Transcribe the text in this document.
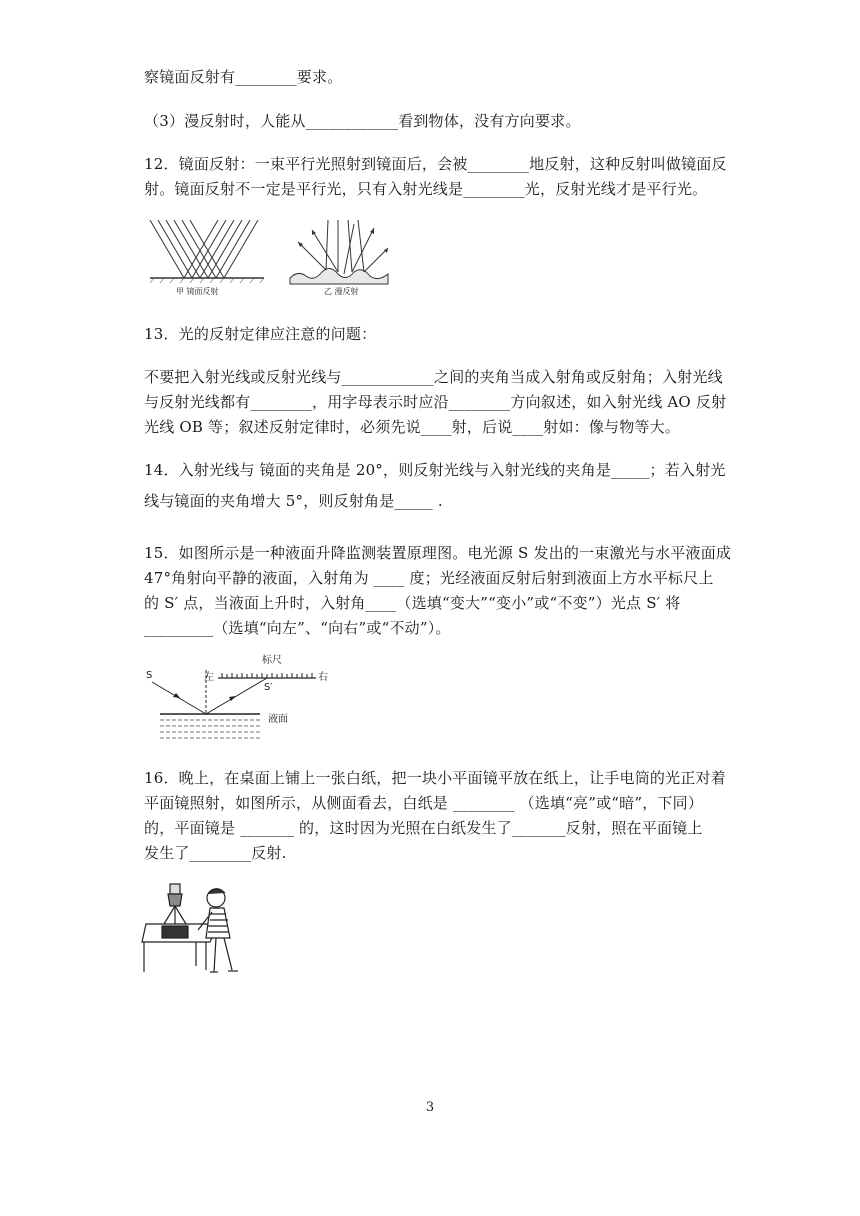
察镜面反射有________要求。
（3）漫反射时，人能从____________看到物体，没有方向要求。
12．镜面反射：一束平行光照射到镜面后，会被________地反射，这种反射叫做镜面反
射。镜面反射不一定是平行光，只有入射光线是________光，反射光线才是平行光。
甲 镜面反射	乙 漫反射
13．光的反射定律应注意的问题：
不要把入射光线或反射光线与____________之间的夹角当成入射角或反射角；入射光线
与反射光线都有________，用字母表示时应沿________方向叙述，如入射光线 AO 反射
光线 OB 等；叙述反射定律时，必须先说____射，后说____射如：像与物等大。
14．入射光线与 镜面的夹角是 20°，则反射光线与入射光线的夹角是_____；若入射光
线与镜面的夹角增大 5°，则反射角是_____ .
15．如图所示是一种液面升降监测装置原理图。电光源 S 发出的一束激光与水平液面成
47°角射向平静的液面，入射角为 ____ 度；光经液面反射后射到液面上方水平标尺上
的 S′ 点，当液面上升时，入射角____（选填“变大”“变小”或“不变”）光点 S′ 将
_________（选填“向左”、“向右”或“不动”）。
S	左
标尺
S′
右
液面
16．晚上，在桌面上铺上一张白纸，把一块小平面镜平放在纸上，让手电筒的光正对着
平面镜照射，如图所示，从侧面看去，白纸是 ________ （选填“亮”或“暗”，下同）
的，平面镜是 _______ 的，这时因为光照在白纸发生了_______反射，照在平面镜上
发生了________反射.
3
